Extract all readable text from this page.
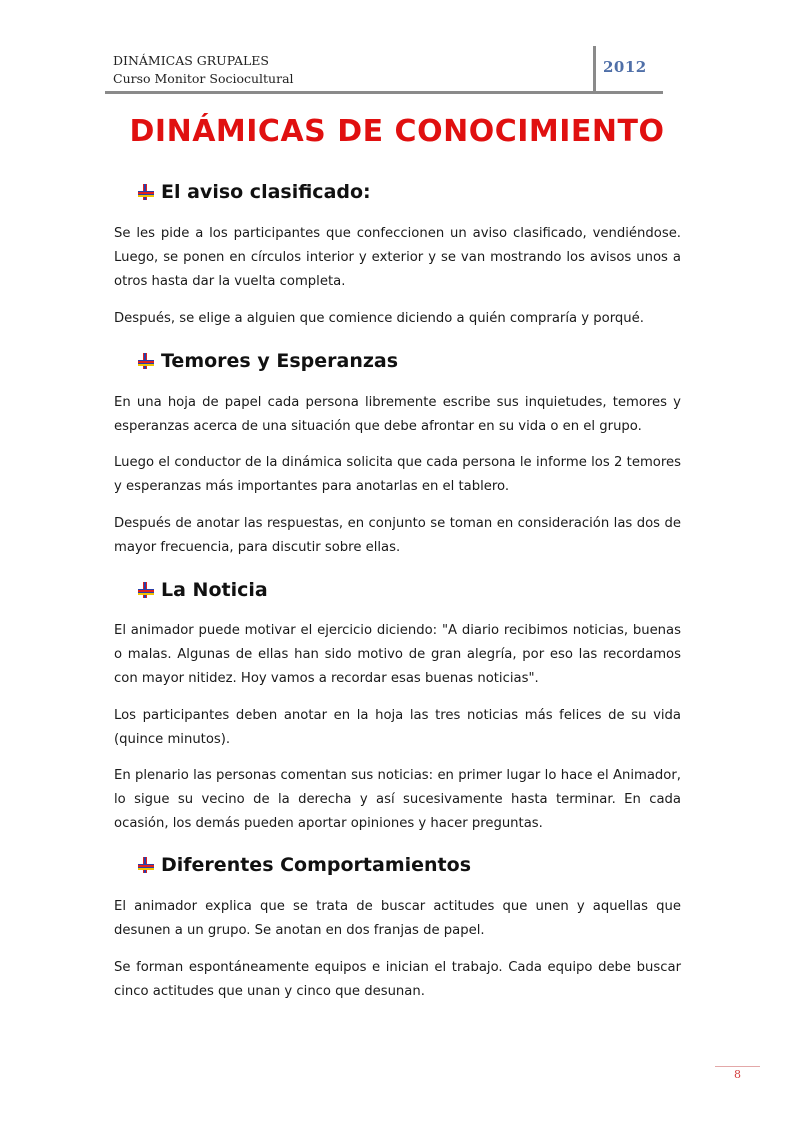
DINÁMICAS GRUPALES
Curso Monitor Sociocultural
2012
DINÁMICAS DE CONOCIMIENTO
El aviso clasificado:

Se les pide a los participantes que confeccionen un aviso clasificado, vendiéndose. Luego, se ponen en círculos interior y exterior y se van mostrando los avisos unos a otros hasta dar la vuelta completa.

Después, se elige a alguien que comience diciendo a quién compraría y porqué.

Temores y Esperanzas

En una hoja de papel cada persona libremente escribe sus inquietudes, temores y esperanzas acerca de una situación que debe afrontar en su vida o en el grupo.

Luego el conductor de la dinámica solicita que cada persona le informe los 2 temores y esperanzas más importantes para anotarlas en el tablero.

Después de anotar las respuestas, en conjunto se toman en consideración las dos de mayor frecuencia, para discutir sobre ellas.

La Noticia

El animador puede motivar el ejercicio diciendo: "A diario recibimos noticias, buenas o malas. Algunas de ellas han sido motivo de gran alegría, por eso las recordamos con mayor nitidez. Hoy vamos a recordar esas buenas noticias".

Los participantes deben anotar en la hoja las tres noticias más felices de su vida (quince minutos).

En plenario las personas comentan sus noticias: en primer lugar lo hace el Animador, lo sigue su vecino de la derecha y así sucesivamente hasta terminar. En cada ocasión, los demás pueden aportar opiniones y hacer preguntas.

Diferentes Comportamientos

El animador explica que se trata de buscar actitudes que unen y aquellas que desunen a un grupo. Se anotan en dos franjas de papel.

Se forman espontáneamente equipos e inician el trabajo. Cada equipo debe buscar cinco actitudes que unan y cinco que desunan.

8
